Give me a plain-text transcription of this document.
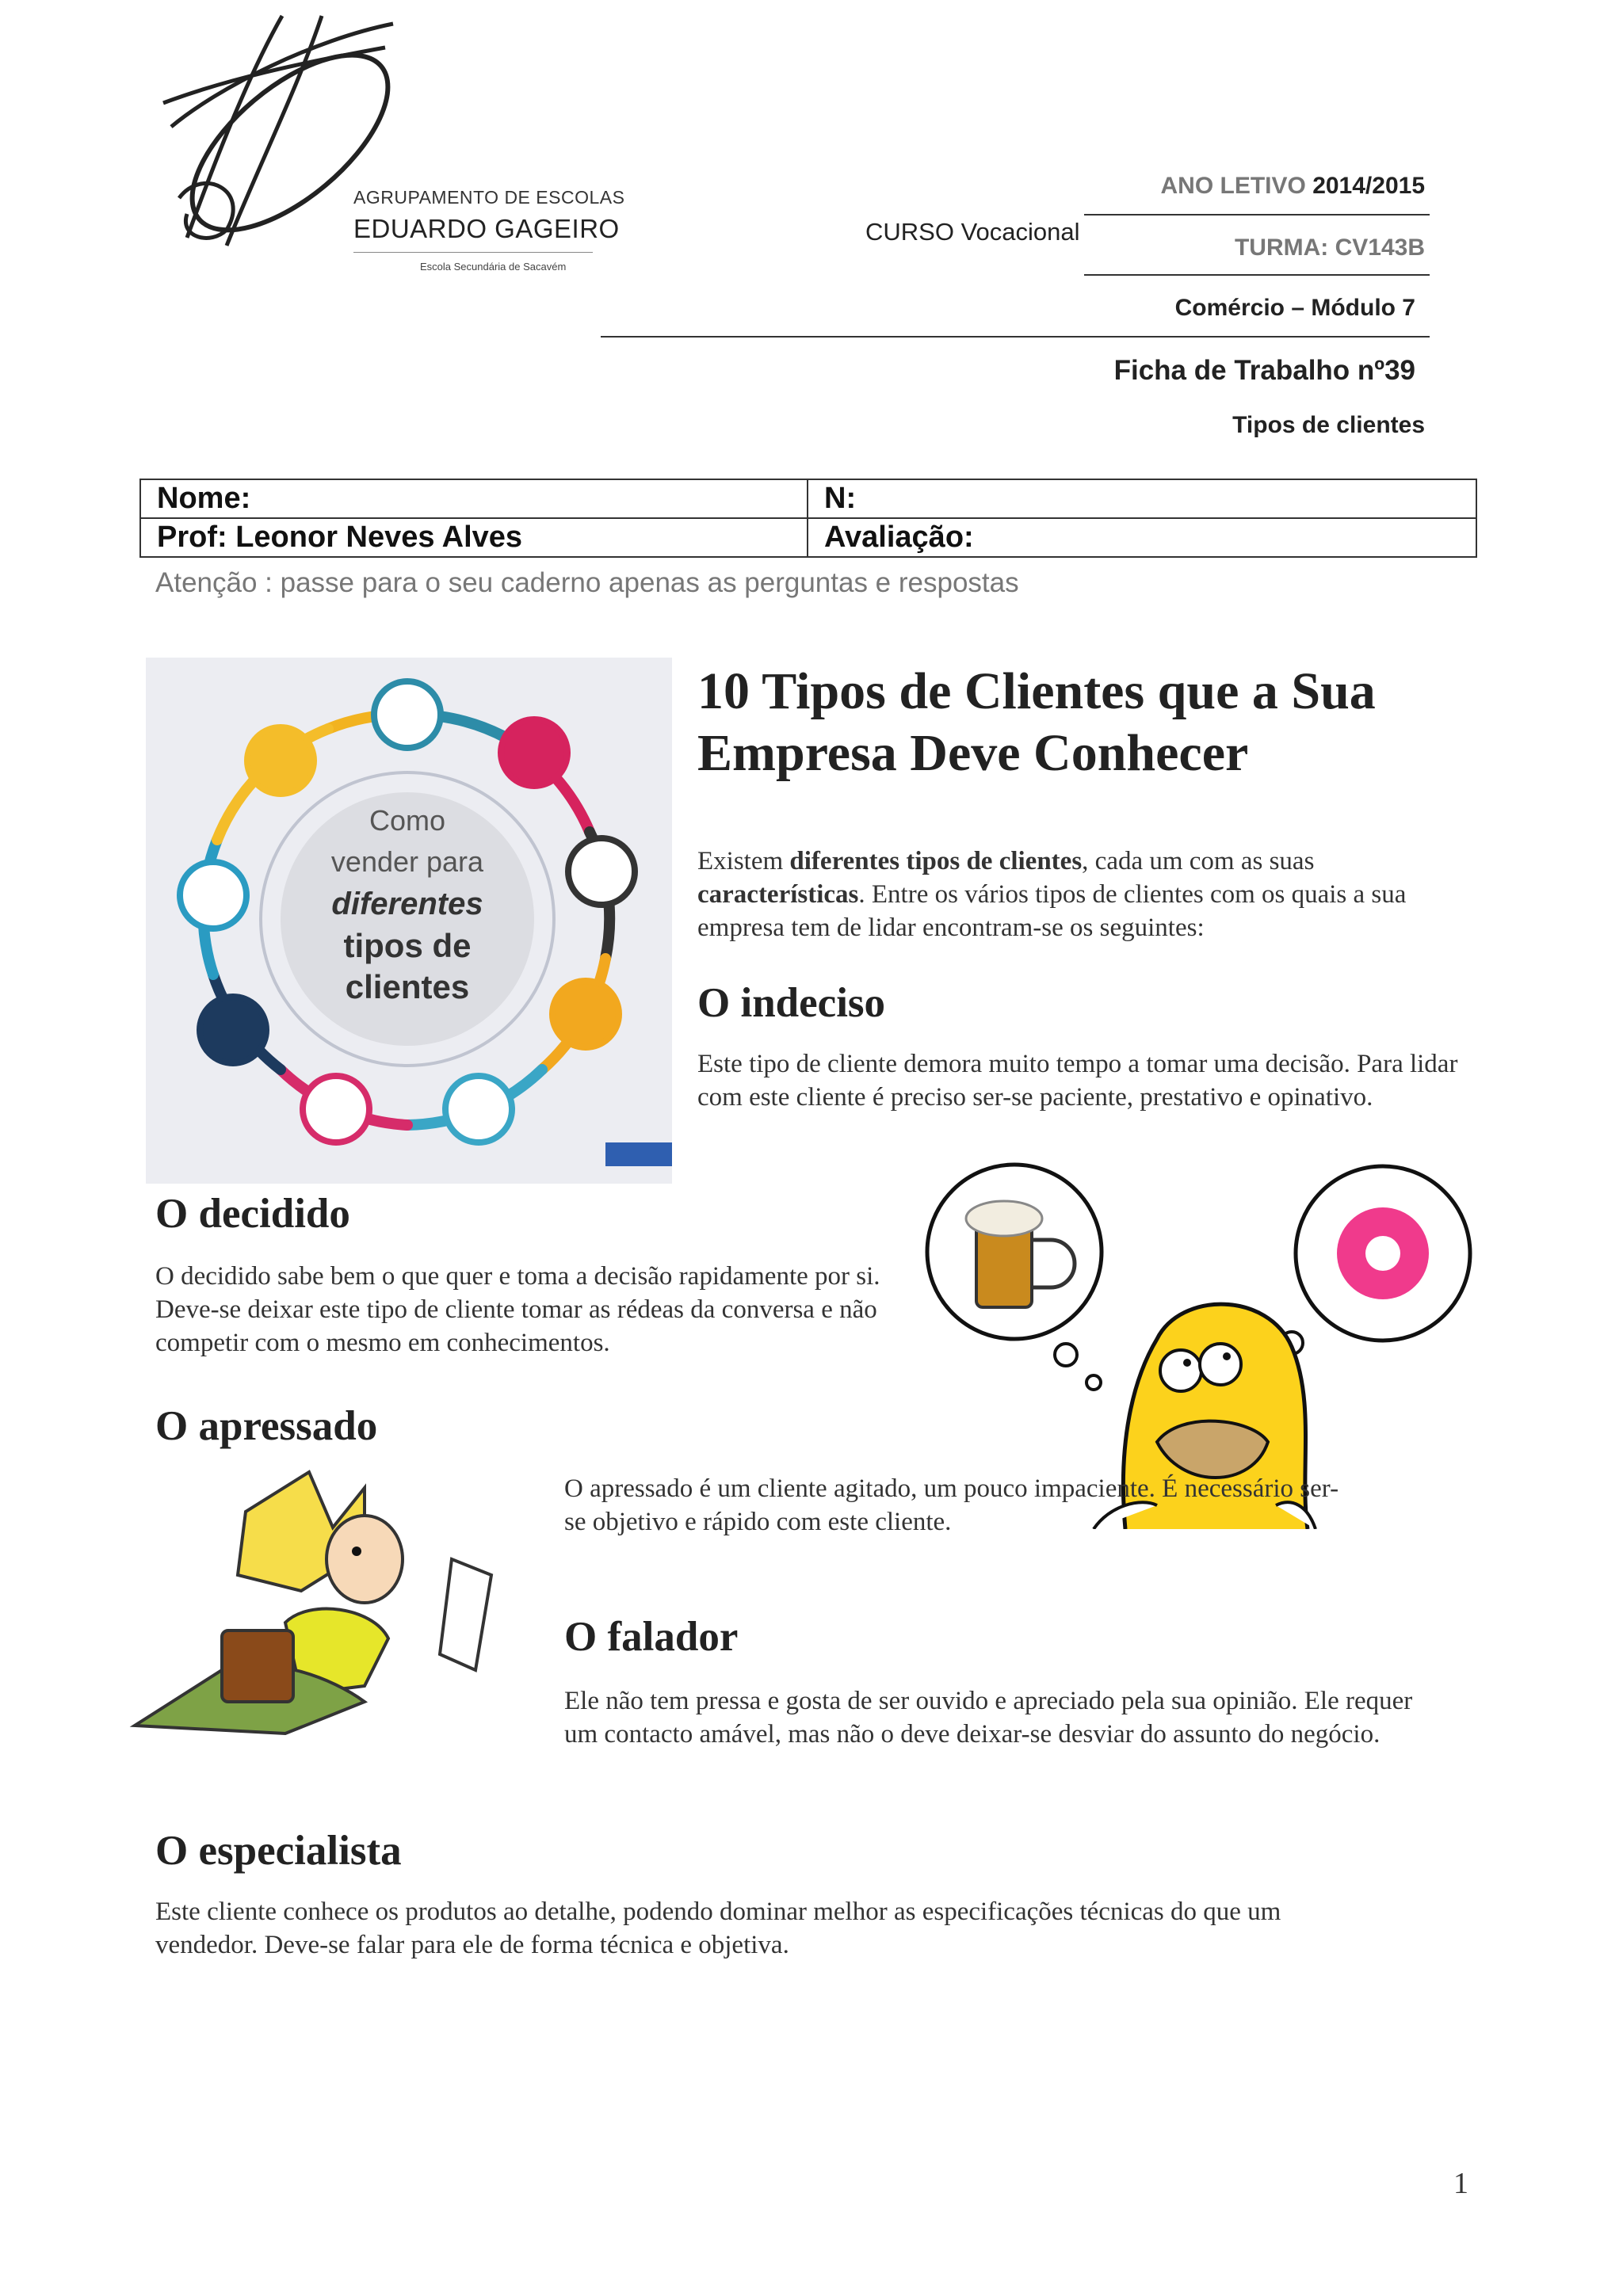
AGRUPAMENTO DE ESCOLAS
EDUARDO GAGEIRO
Escola Secundária de Sacavém
CURSO Vocacional
ANO LETIVO 2014/2015
TURMA: CV143B
Comércio – Módulo 7
Ficha de Trabalho nº39
Tipos de clientes
Nome:	N:
Prof: Leonor Neves Alves	Avaliação:
Atenção : passe para o seu caderno apenas as perguntas e respostas
Como
vender para
diferentes
tipos de
clientes
10 Tipos de Clientes que a Sua Empresa Deve Conhecer
Existem diferentes tipos de clientes, cada um com as suas características. Entre os vários tipos de clientes com os quais a sua empresa tem de lidar encontram-se os seguintes:
O indeciso
Este tipo de cliente demora muito tempo a tomar uma decisão. Para lidar com este cliente é preciso ser-se paciente, prestativo e opinativo.
O decidido
O decidido sabe bem o que quer e toma a decisão rapidamente por si. Deve-se deixar este tipo de cliente tomar as rédeas da conversa e não competir com o mesmo em conhecimentos.
O apressado
O apressado é um cliente agitado, um pouco impaciente. É necessário ser-se objetivo e rápido com este cliente.
O falador
Ele não tem pressa e gosta de ser ouvido e apreciado pela sua opinião. Ele requer um contacto amável, mas não o deve deixar-se desviar do assunto do negócio.
O especialista
Este cliente conhece os produtos ao detalhe, podendo dominar melhor as especificações técnicas do que um vendedor. Deve-se falar para ele de forma técnica e objetiva.
1
